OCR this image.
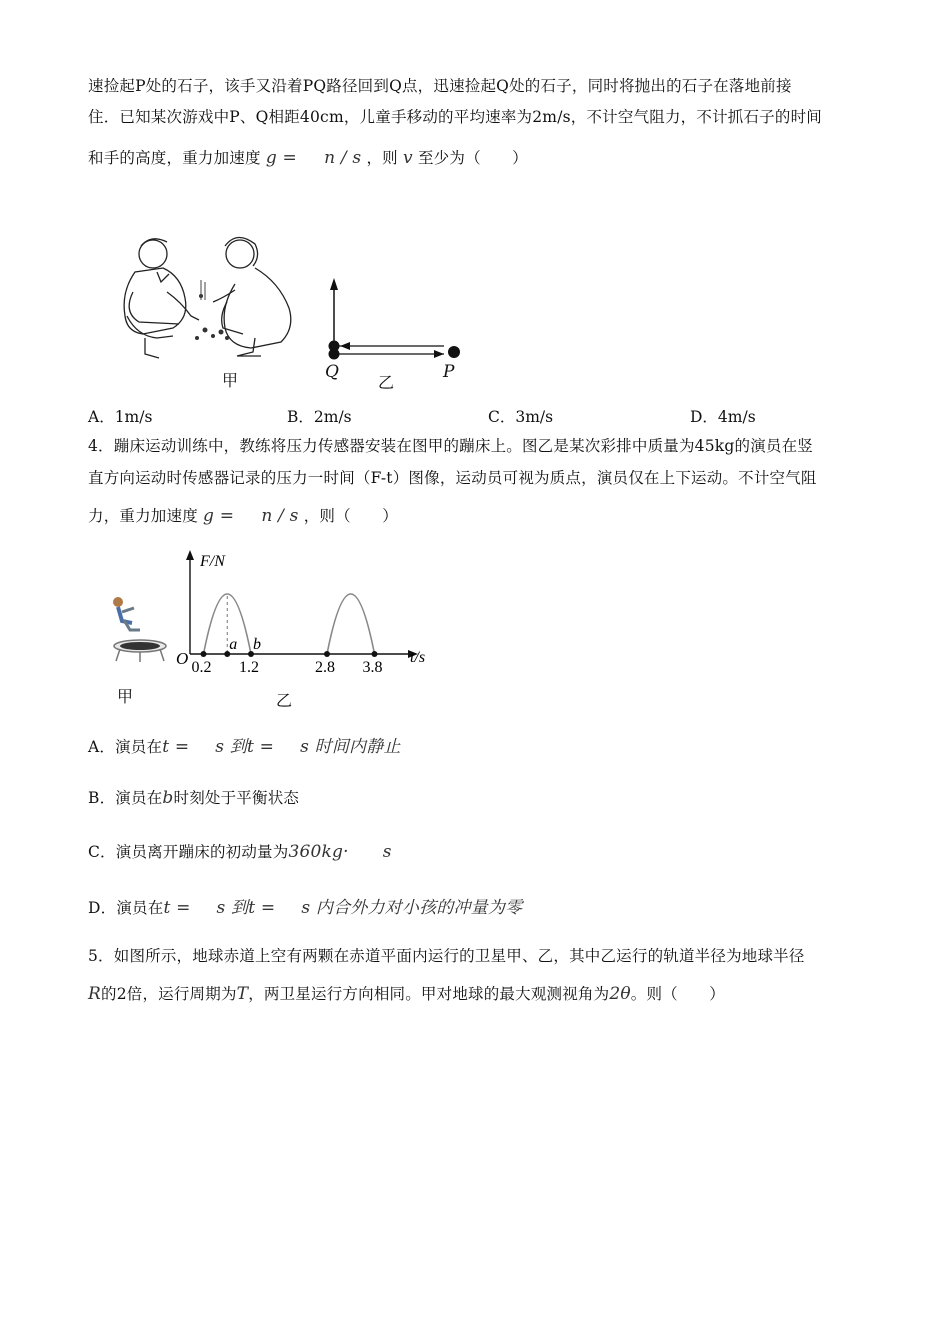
速捡起P处的石子，该手又沿着PQ路径回到Q点，迅速捡起Q处的石子，同时将抛出的石子在落地前接
住．已知某次游戏中P、Q相距40cm，儿童手移动的平均速率为2m/s，不计空气阻力，不计抓石子的时间
和手的高度，重力加速度 g = n / s ，则 v 至少为（　　）
甲	Q	P
乙
A．1m/s	B．2m/s	C．3m/s	D．4m/s
4．蹦床运动训练中，教练将压力传感器安装在图甲的蹦床上。图乙是某次彩排中质量为45kg的演员在竖
直方向运动时传感器记录的压力一时间（F-t）图像，运动员可视为质点，演员仅在上下运动。不计空气阻
力，重力加速度 g = n / s ，则（　　）
甲
F/N
t/s
O 0.2 1.2	2.8 3.8
a b
乙
A．演员在t = s 到t = s 时间内静止
B．演员在b时刻处于平衡状态
C．演员离开蹦床的初动量为360kg· s
D．演员在t = s 到t = s 内合外力对小孩的冲量为零
5．如图所示，地球赤道上空有两颗在赤道平面内运行的卫星甲、乙，其中乙运行的轨道半径为地球半径
R的2倍，运行周期为T，两卫星运行方向相同。甲对地球的最大观测视角为2θ。则（　　）
